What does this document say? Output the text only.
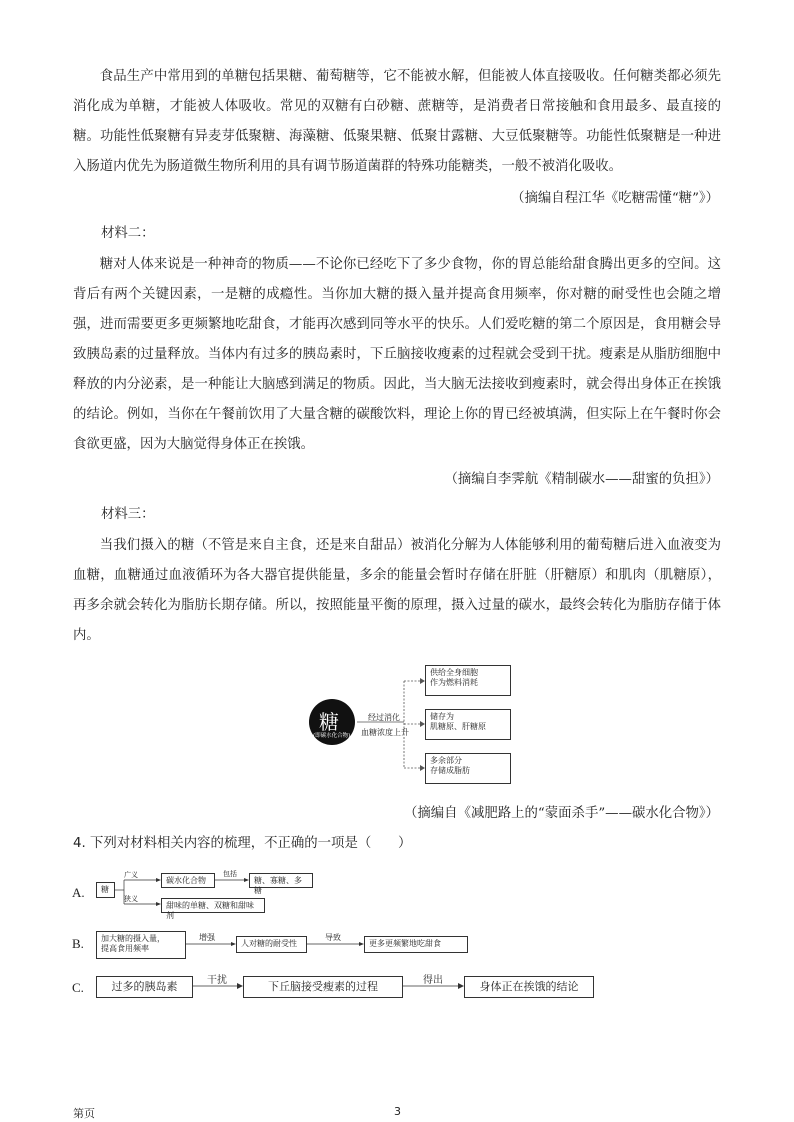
食品生产中常用到的单糖包括果糖、葡萄糖等，它不能被水解，但能被人体直接吸收。任何糖类都必须先消化成为单糖，才能被人体吸收。常见的双糖有白砂糖、蔗糖等，是消费者日常接触和食用最多、最直接的糖。功能性低聚糖有异麦芽低聚糖、海藻糖、低聚果糖、低聚甘露糖、大豆低聚糖等。功能性低聚糖是一种进入肠道内优先为肠道微生物所利用的具有调节肠道菌群的特殊功能糖类，一般不被消化吸收。
（摘编自程江华《吃糖需懂“糖”》）
材料二：
糖对人体来说是一种神奇的物质——不论你已经吃下了多少食物，你的胃总能给甜食腾出更多的空间。这背后有两个关键因素，一是糖的成瘾性。当你加大糖的摄入量并提高食用频率，你对糖的耐受性也会随之增强，进而需要更多更频繁地吃甜食，才能再次感到同等水平的快乐。人们爱吃糖的第二个原因是，食用糖会导致胰岛素的过量释放。当体内有过多的胰岛素时，下丘脑接收瘦素的过程就会受到干扰。瘦素是从脂肪细胞中释放的内分泌素，是一种能让大脑感到满足的物质。因此，当大脑无法接收到瘦素时，就会得出身体正在挨饿的结论。例如，当你在午餐前饮用了大量含糖的碳酸饮料，理论上你的胃已经被填满，但实际上在午餐时你会食欲更盛，因为大脑觉得身体正在挨饿。
（摘编自李霁航《精制碳水——甜蜜的负担》）
材料三：
当我们摄入的糖（不管是来自主食，还是来自甜品）被消化分解为人体能够利用的葡萄糖后进入血液变为血糖，血糖通过血液循环为各大器官提供能量，多余的能量会暂时存储在肝脏（肝糖原）和肌肉（肌糖原），再多余就会转化为脂肪长期存储。所以，按照能量平衡的原理，摄入过量的碳水，最终会转化为脂肪存储于体内。
糖
(即碳水化合物)
经过消化
血糖浓度上升
供给全身细胞
作为燃料消耗
储存为
肌糖原、肝糖原
多余部分
存储成脂肪
（摘编自《减肥路上的“蒙面杀手”——碳水化合物》）
4. 下列对材料相关内容的梳理，不正确的一项是（　　）
A.	糖
广义
狭义
碳水化合物
包括
糖、寡糖、多糖
甜味的单糖、双糖和甜味剂
B.	加大糖的摄入量，
提高食用频率
增强
人对糖的耐受性
导致
更多更频繁地吃甜食
C.	过多的胰岛素	干扰	下丘脑接受瘦素的过程	得出	身体正在挨饿的结论
第页	3
